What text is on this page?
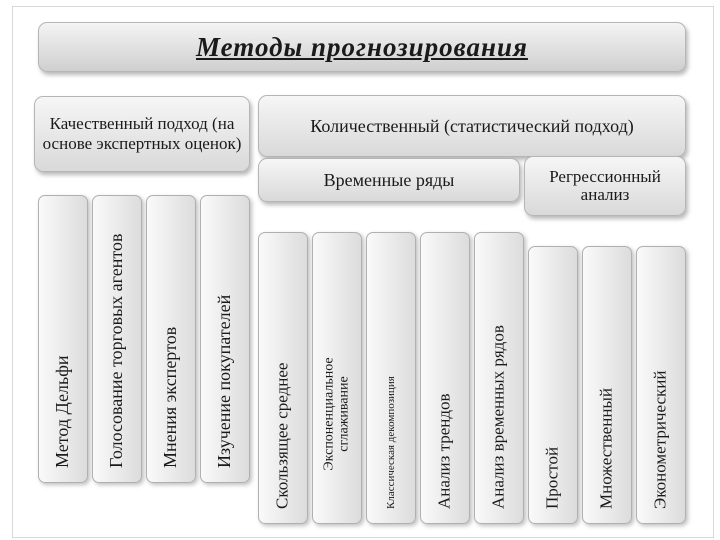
Методы прогнозирования
Качественный подход (на основе экспертных оценок)
Количественный (статистический подход)
Временные ряды	Регрессионный анализ
Метод Дельфи Голосование торговых агентов Мнения экспертов Изучение покупателей Скользящее среднее Экспоненциальное сглаживание	Классическая декомпозиция Анализ трендов Анализ временных рядов Простой Множественный Эконометрический
